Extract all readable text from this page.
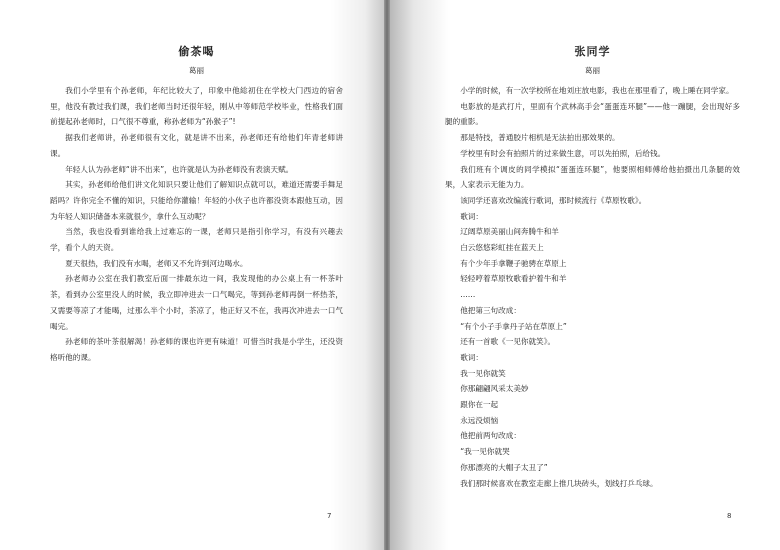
偷茶喝
葛丽

我们小学里有个孙老师，年纪比较大了，印象中他総初住在学校大门西边的宿舍里，他没有教过我们课，我们老师当时还很年轻，刚从中等师范学校毕业，性格我们面前提起孙老师时，口气很不尊重，称孙老师为“孙猴子”!

据我们老师讲，孙老师很有文化，就是讲不出来，孙老师还有给他们年青老师讲课。

年轻人认为孙老师“讲不出来”，也许就是认为孙老师没有表演天赋。

其实，孙老师给他们讲文化知识只要让他们了解知识点就可以，难道还需要手舞足蹈吗？许你完全不懂的知识，只能给你灌输！年轻的小伙子也许都没资本跟他互动，因为年轻人知识储备本来就很少，拿什么互动呢？

当然，我也没看到谁给我上过难忘的一课，老师只是指引你学习，有没有兴趣去学，看个人的天资。

夏天很热，我们没有水喝，老师又不允许到河边喝水。

孙老师办公室在我们教室后面一排最东边一间，我发现他的办公桌上有一杯茶叶茶，看到办公室里没人的时候，我立即冲进去一口气喝完，等到孙老师再倒一杯热茶，又需要等凉了才能喝，过那么半个小时，茶凉了，他正好又不在，我再次冲进去一口气喝完。

孙老师的茶叶茶很解渴！孙老师的课也许更有味道！可惜当时我是小学生，还没资格听他的课。

7
张同学
葛丽

小学的时候，有一次学校所在地刘庄放电影，我也在那里看了，晚上睡在同学家。

电影放的是武打片，里面有个武林高手会“蛋蛋连环腿”——他一蹦腿，会出现好多腿的重影。

那是特技，普通胶片相机是无法拍出那效果的。

学校里有时会有拍照片的过来做生意，可以先拍照，后给钱。

我们班有个调皮的同学模拟“蛋蛋连环腿”，他要照相师傅给他拍摄出几条腿的效果，人家表示无能为力。

该同学还喜欢改编流行歌词，那时候流行《草原牧歌》。

歌词：

辽阔草原美丽山间奔腾牛和羊

白云悠悠彩虹挂在蓝天上

有个少年手拿鞭子驰骋在草原上

轻轻哼着草原牧歌看护着牛和羊

……

他把第三句改成：

“有个小子手拿丹子站在草原上”

还有一首歌《一见你就笑》。

歌词：

我一见你就笑

你那翩翩风采太美妙

跟你在一起

永远没烦恼

他把前两句改成：

“我一见你就哭

你那漂亮的大帽子太丑了”

我们那时候喜欢在教室走廊上推几块砖头，划线打乒乓球。

8
